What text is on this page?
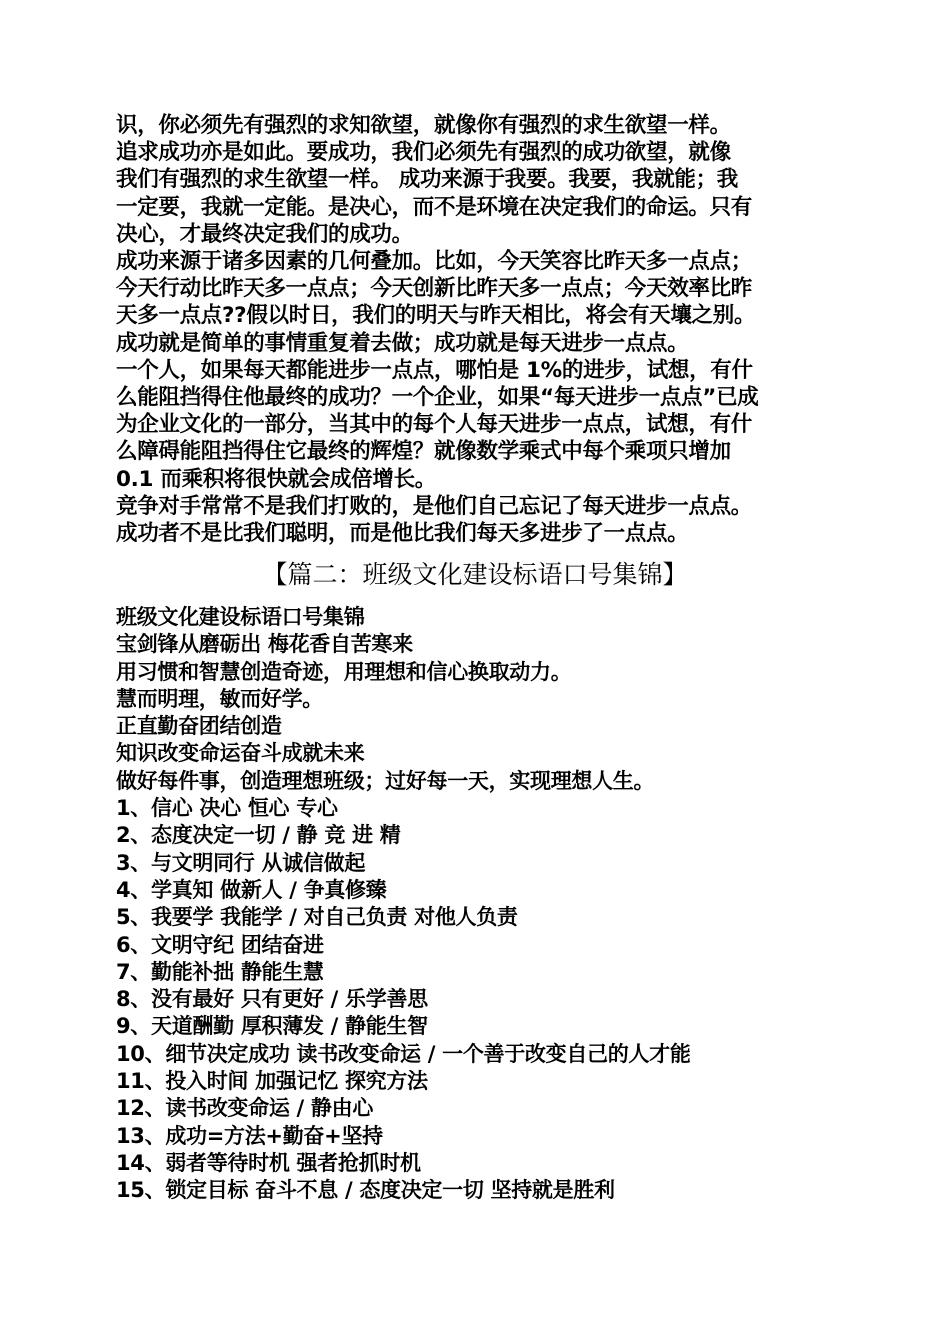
识，你必须先有强烈的求知欲望，就像你有强烈的求生欲望一样。

追求成功亦是如此。要成功，我们必须先有强烈的成功欲望，就像

我们有强烈的求生欲望一样。 成功来源于我要。我要，我就能；我

一定要，我就一定能。是决心，而不是环境在决定我们的命运。只有

决心，才最终决定我们的成功。

成功来源于诸多因素的几何叠加。比如，今天笑容比昨天多一点点；

今天行动比昨天多一点点；今天创新比昨天多一点点；今天效率比昨

天多一点点??假以时日，我们的明天与昨天相比，将会有天壤之别。

成功就是简单的事情重复着去做；成功就是每天进步一点点。

一个人，如果每天都能进步一点点，哪怕是 1%的进步，试想，有什

么能阻挡得住他最终的成功？一个企业，如果“每天进步一点点”已成

为企业文化的一部分，当其中的每个人每天进步一点点，试想，有什

么障碍能阻挡得住它最终的辉煌？就像数学乘式中每个乘项只增加

0.1 而乘积将很快就会成倍增长。

竞争对手常常不是我们打败的，是他们自己忘记了每天进步一点点。

成功者不是比我们聪明，而是他比我们每天多进步了一点点。

【篇二：班级文化建设标语口号集锦】
班级文化建设标语口号集锦
宝剑锋从磨砺出 梅花香自苦寒来
用习惯和智慧创造奇迹，用理想和信心换取动力。
慧而明理，敏而好学。
正直勤奋团结创造
知识改变命运奋斗成就未来
做好每件事，创造理想班级；过好每一天，实现理想人生。
1、信心 决心 恒心 专心
2、态度决定一切 / 静 竞 进 精
3、与文明同行 从诚信做起
4、学真知 做新人 / 争真修臻
5、我要学 我能学 / 对自己负责 对他人负责
6、文明守纪 团结奋进
7、勤能补拙 静能生慧
8、没有最好 只有更好 / 乐学善思
9、天道酬勤 厚积薄发 / 静能生智
10、细节决定成功 读书改变命运 / 一个善于改变自己的人才能
11、投入时间 加强记忆 探究方法
12、读书改变命运 / 静由心
13、成功=方法+勤奋+坚持
14、弱者等待时机 强者抢抓时机
15、锁定目标 奋斗不息 / 态度决定一切 坚持就是胜利
